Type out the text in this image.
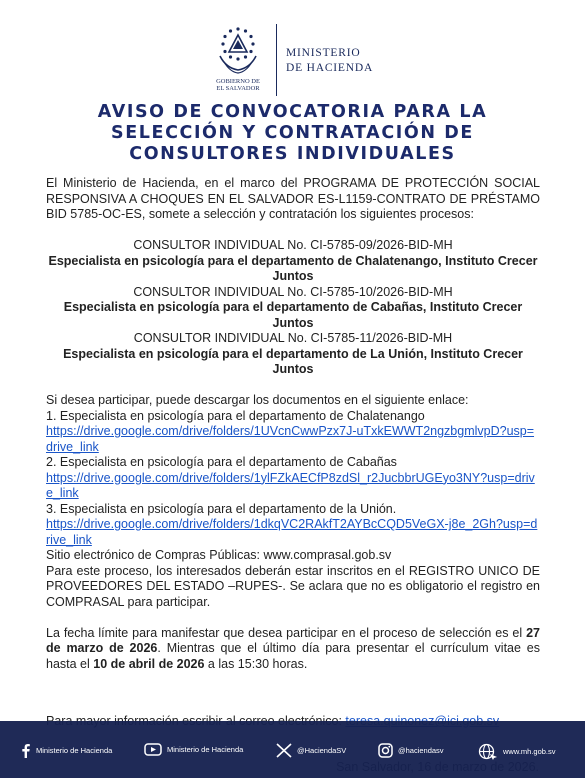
GOBIERNO DE
EL SALVADOR
MINISTERIO
DE HACIENDA
AVISO DE CONVOCATORIA PARA LA
SELECCIÓN Y CONTRATACIÓN DE
CONSULTORES INDIVIDUALES

El Ministerio de Hacienda, en el marco del PROGRAMA DE PROTECCIÓN SOCIAL RESPONSIVA A CHOQUES EN EL SALVADOR ES-L1159-CONTRATO DE PRÉSTAMO BID 5785-OC-ES, somete a selección y contratación los siguientes procesos:

CONSULTOR INDIVIDUAL No. CI-5785-09/2026-BID-MH

Especialista en psicología para el departamento de Chalatenango, Instituto Crecer Juntos

CONSULTOR INDIVIDUAL No. CI-5785-10/2026-BID-MH

Especialista en psicología para el departamento de Cabañas, Instituto Crecer Juntos

CONSULTOR INDIVIDUAL No. CI-5785-11/2026-BID-MH

Especialista en psicología para el departamento de La Unión, Instituto Crecer Juntos

Si desea participar, puede descargar los documentos en el siguiente enlace:

1. Especialista en psicología para el departamento de Chalatenango

https://drive.google.com/drive/folders/1UVcnCwwPzx7J-uTxkEWWT2ngzbgmlvpD?usp=drive_link

2. Especialista en psicología para el departamento de Cabañas

https://drive.google.com/drive/folders/1ylFZkAECfP8zdSl_r2JucbbrUGEyo3NY?usp=drive_link

3. Especialista en psicología para el departamento de la Unión.

https://drive.google.com/drive/folders/1dkqVC2RAkfT2AYBcCQD5VeGX-j8e_2Gh?usp=drive_link

Sitio electrónico de Compras Públicas: www.comprasal.gob.sv

Para este proceso, los interesados deberán estar inscritos en el REGISTRO UNICO DE PROVEEDORES DEL ESTADO –RUPES-. Se aclara que no es obligatorio el registro en COMPRASAL para participar.

La fecha límite para manifestar que desea participar en el proceso de selección es el 27 de marzo de 2026. Mientras que el último día para presentar el currículum vitae es hasta el 10 de abril de 2026 a las 15:30 horas.

Ministerio de Hacienda	Ministerio de Hacienda	@HaciendaSV	@haciendasv	www.mh.gob.sv
